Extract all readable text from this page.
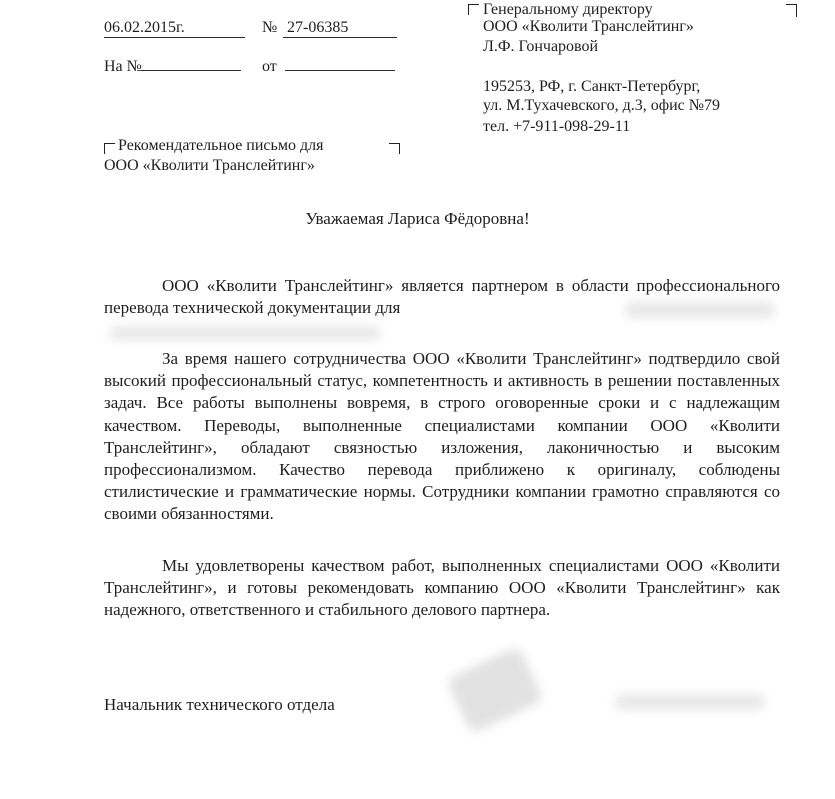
06.02.2015г.	№ 27-06385
На №	от
Генеральному директору
ООО «Кволити Транслейтинг»
Л.Ф. Гончаровой
195253, РФ, г. Санкт-Петербург,
ул. М.Тухачевского, д.3, офис №79
тел. +7-911-098-29-11
Рекомендательное письмо для
ООО «Кволити Транслейтинг»
Уважаемая Лариса Фёдоровна!

ООО «Кволити Транслейтинг» является партнером в области профессионального перевода технической документации для

За время нашего сотрудничества ООО «Кволити Транслейтинг» подтвердило свой высокий профессиональный статус, компетентность и активность в решении поставленных задач. Все работы выполнены вовремя, в строго оговоренные сроки и с надлежащим качеством. Переводы, выполненные специалистами компании ООО «Кволити Транслейтинг», обладают связностью изложения, лаконичностью и высоким профессионализмом. Качество перевода приближено к оригиналу, соблюдены стилистические и грамматические нормы. Сотрудники компании грамотно справляются со своими обязанностями.

Мы удовлетворены качеством работ, выполненных специалистами ООО «Кволити Транслейтинг», и готовы рекомендовать компанию ООО «Кволити Транслейтинг» как надежного, ответственного и стабильного делового партнера.

Начальник технического отдела
